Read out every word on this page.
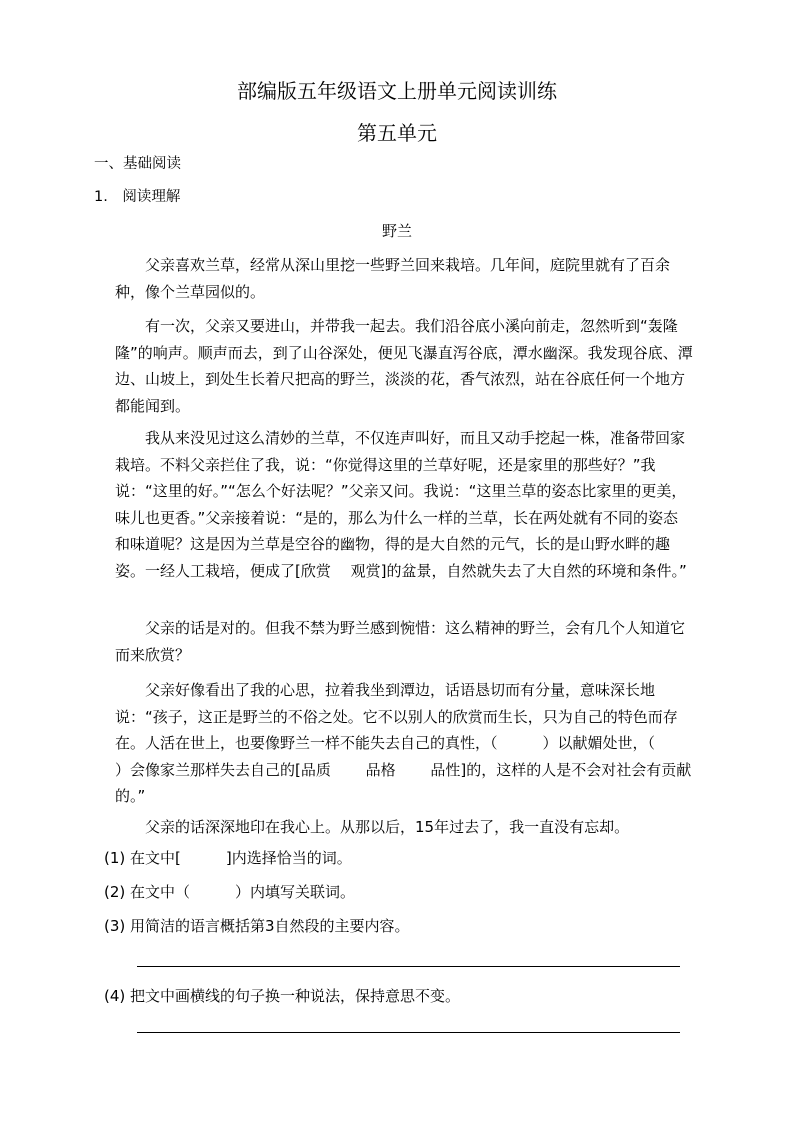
部编版五年级语文上册单元阅读训练
第五单元
一、基础阅读
1.　阅读理解
野兰
父亲喜欢兰草，经常从深山里挖一些野兰回来栽培。几年间，庭院里就有了百余种，像个兰草园似的。
有一次，父亲又要进山，并带我一起去。我们沿谷底小溪向前走，忽然听到“轰隆隆”的响声。顺声而去，到了山谷深处，便见飞瀑直泻谷底，潭水幽深。我发现谷底、潭边、山坡上，到处生长着尺把高的野兰，淡淡的花，香气浓烈，站在谷底任何一个地方都能闻到。
我从来没见过这么清妙的兰草，不仅连声叫好，而且又动手挖起一株，准备带回家栽培。不料父亲拦住了我，说：“你觉得这里的兰草好呢，还是家里的那些好？”我说：“这里的好。”“怎么个好法呢？”父亲又问。我说：“这里兰草的姿态比家里的更美，味儿也更香。”父亲接着说：“是的，那么为什么一样的兰草，长在两处就有不同的姿态和味道呢？这是因为兰草是空谷的幽物，得的是大自然的元气，长的是山野水畔的趣姿。一经人工栽培，便成了[欣赏　 观赏]的盆景，自然就失去了大自然的环境和条件。”
父亲的话是对的。但我不禁为野兰感到惋惜：这么精神的野兰，会有几个人知道它而来欣赏？
父亲好像看出了我的心思，拉着我坐到潭边，话语恳切而有分量，意味深长地说：“孩子，这正是野兰的不俗之处。它不以别人的欣赏而生长，只为自己的特色而存在。人活在世上，也要像野兰一样不能失去自己的真性，（　　　）以献媚处世，（　　　）会像家兰那样失去自己的[品质　　 品格　　 品性]的，这样的人是不会对社会有贡献的。”
父亲的话深深地印在我心上。从那以后，15年过去了，我一直没有忘却。
(1) 在文中[　　　]内选择恰当的词。
(2) 在文中（　　　）内填写关联词。
(3) 用简洁的语言概括第3自然段的主要内容。
(4) 把文中画横线的句子换一种说法，保持意思不变。
